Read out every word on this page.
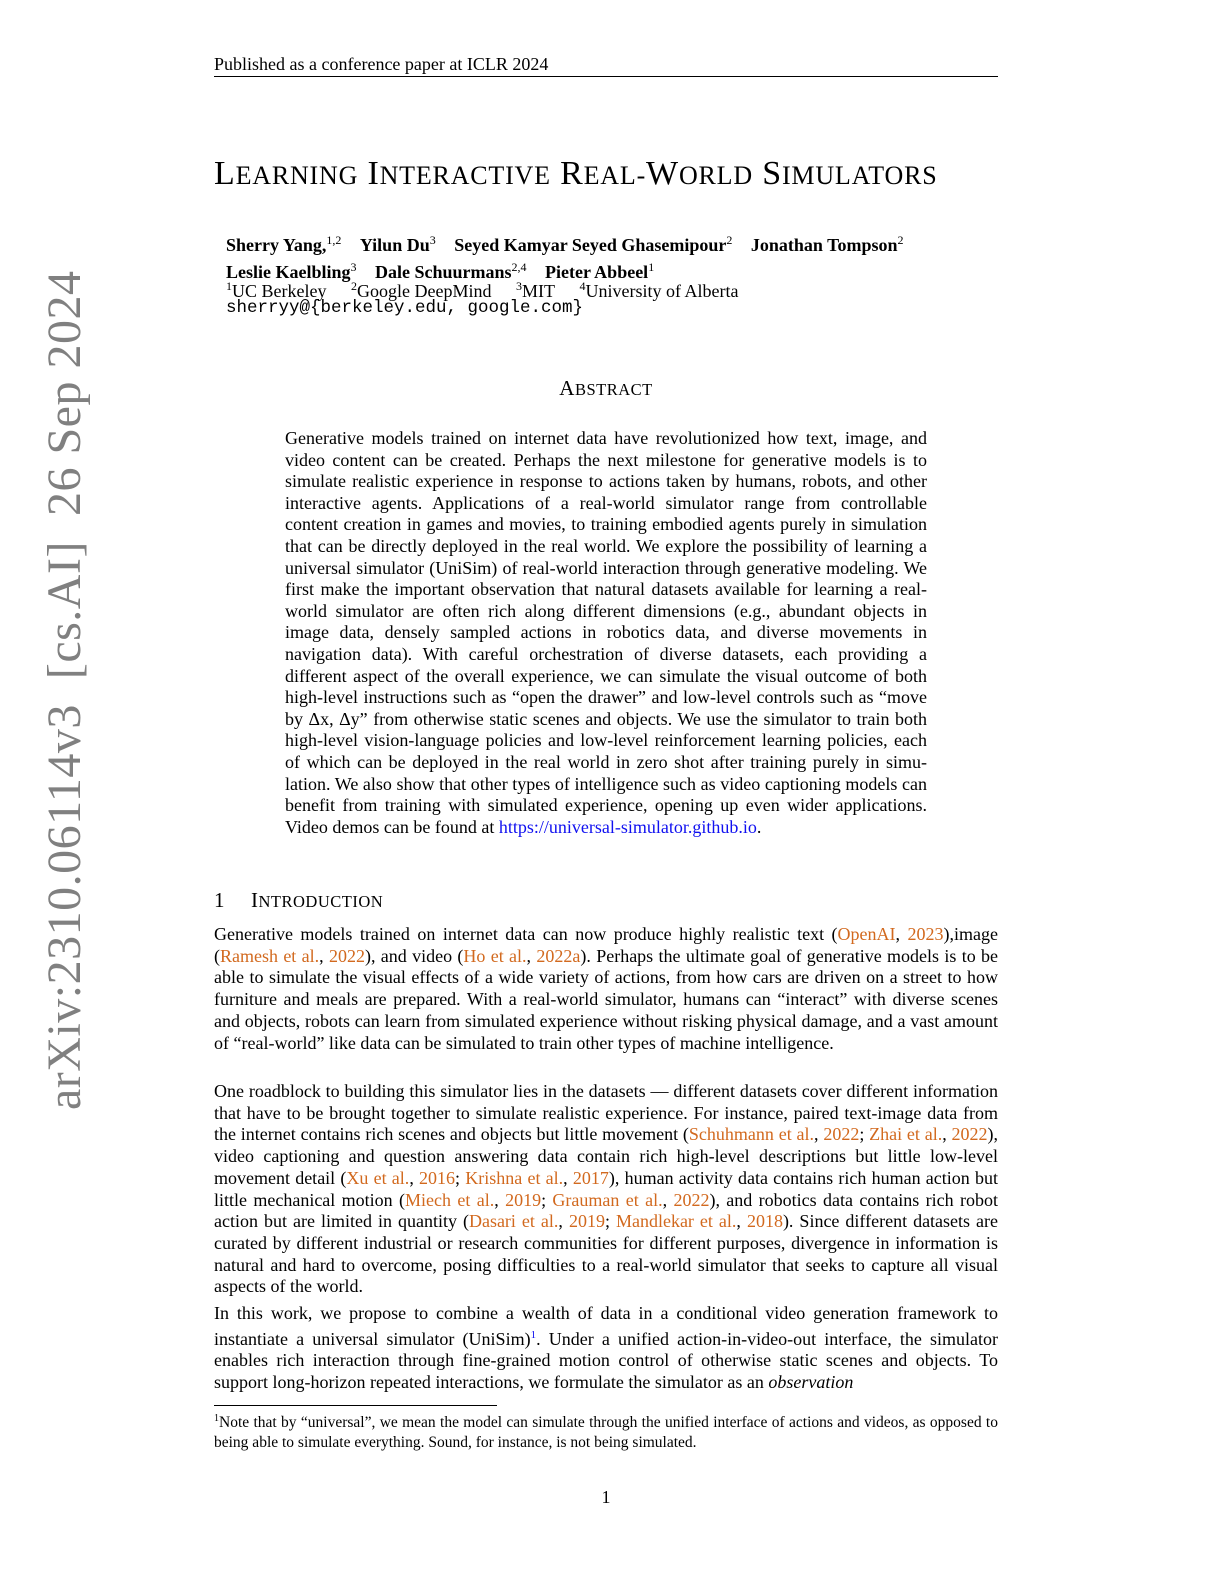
Published as a conference paper at ICLR 2024
LEARNING INTERACTIVE REAL-WORLD SIMULATORS
Sherry Yang,$^{1,2}$ Yilun Du$^3$ Seyed Kamyar Seyed Ghasemipour$^2$ Jonathan Tompson$^2$
Leslie Kaelbling$^3$ Dale Schuurmans$^{2,4}$ Pieter Abbeel$^1$
$^1$UC Berkeley $^2$Google DeepMind $^3$MIT $^4$University of Alberta
sherryy@{berkeley.edu, google.com}
ABSTRACT
Generative models trained on internet data have revolutionized how text, image, and video content can be created. Perhaps the next milestone for generative models is to simulate realistic experience in response to actions taken by humans, robots, and other interactive agents. Applications of a real-world simulator range from controllable content creation in games and movies, to training embodied agents purely in simulation that can be directly deployed in the real world. We explore the possibility of learning a universal simulator (UniSim) of real-world interaction through generative modeling. We first make the important observation that natural datasets available for learning a real-world simulator are often rich along different dimensions (e.g., abundant objects in image data, densely sampled actions in robotics data, and diverse movements in navigation data). With careful orchestration of diverse datasets, each providing a different aspect of the overall experience, we can simulate the visual outcome of both high-level instructions such as “open the drawer” and low-level controls such as “move by Δx, Δy” from otherwise static scenes and objects. We use the simulator to train both high-level vision-language policies and low-level reinforcement learning policies, each of which can be deployed in the real world in zero shot after training purely in simulation. We also show that other types of intelligence such as video captioning models can benefit from training with simulated experience, opening up even wider applications. Video demos can be found at https://universal-simulator.github.io.
1 INTRODUCTION
Generative models trained on internet data can now produce highly realistic text (OpenAI, 2023),image (Ramesh et al., 2022), and video (Ho et al., 2022a). Perhaps the ultimate goal of generative models is to be able to simulate the visual effects of a wide variety of actions, from how cars are driven on a street to how furniture and meals are prepared. With a real-world simulator, humans can “interact” with diverse scenes and objects, robots can learn from simulated experience without risking physical damage, and a vast amount of “real-world” like data can be simulated to train other types of machine intelligence.
One roadblock to building this simulator lies in the datasets — different datasets cover different information that have to be brought together to simulate realistic experience. For instance, paired text-image data from the internet contains rich scenes and objects but little movement (Schuhmann et al., 2022; Zhai et al., 2022), video captioning and question answering data contain rich high-level descriptions but little low-level movement detail (Xu et al., 2016; Krishna et al., 2017), human activity data contains rich human action but little mechanical motion (Miech et al., 2019; Grauman et al., 2022), and robotics data contains rich robot action but are limited in quantity (Dasari et al., 2019; Mandlekar et al., 2018). Since different datasets are curated by different industrial or research communities for different purposes, divergence in information is natural and hard to overcome, posing difficulties to a real-world simulator that seeks to capture all visual aspects of the world.
In this work, we propose to combine a wealth of data in a conditional video generation framework to instantiate a universal simulator (UniSim)$^1$. Under a unified action-in-video-out interface, the simulator enables rich interaction through fine-grained motion control of otherwise static scenes and objects. To support long-horizon repeated interactions, we formulate the simulator as an observation
$^1$Note that by “universal”, we mean the model can simulate through the unified interface of actions and videos, as opposed to being able to simulate everything. Sound, for instance, is not being simulated.
1
arXiv:2310.06114v3  [cs.AI]  26 Sep 2024
